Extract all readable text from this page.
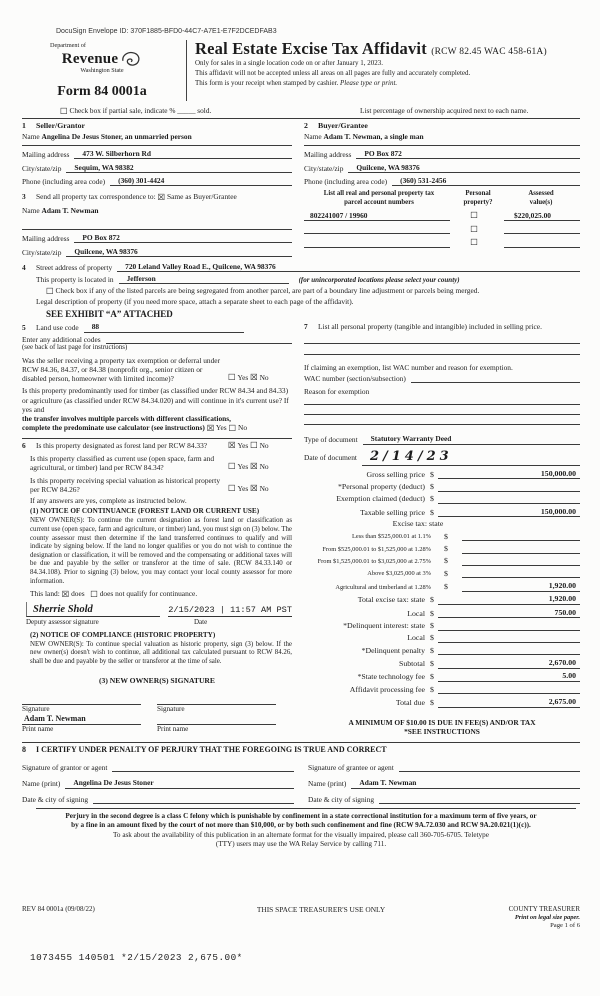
DocuSign Envelope ID: 370F1885-BFD0-44C7-A7E1-E7F2DCEDFAB3
Department of
Revenue
Washington State
Form 84 0001a
Real Estate Excise Tax Affidavit (RCW 82.45 WAC 458-61A)
Only for sales in a single location code on or after January 1, 2023.
This affidavit will not be accepted unless all areas on all pages are fully and accurately completed.
This form is your receipt when stamped by cashier. Please type or print.
☐ Check box if partial sale, indicate % _____ sold.	List percentage of ownership acquired next to each name.
1 Seller/Grantor
Name Angelina De Jesus Stoner, an unmarried person
Mailing address	473 W. Silberhorn Rd
City/state/zip	Sequim, WA 98382
Phone (including area code)	(360) 301-4424
3 Send all property tax correspondence to: ☒ Same as Buyer/Grantee
Name Adam T. Newman
Mailing address	PO Box 872
City/state/zip	Quilcene, WA 98376
2 Buyer/Grantee
Name Adam T. Newman, a single man
Mailing address	PO Box 872
City/state/zip	Quilcene, WA 98376
Phone (including area code)	(360) 531-2456
List all real and personal property tax
parcel account numbers
Personal
property?
Assessed
value(s)
802241007 / 19960	☐	$220,025.00
☐
☐
4 Street address of property	720 Leland Valley Road E., Quilcene, WA 98376
This property is located in	Jefferson	(for unincorporated locations please select your county)
☐ Check box if any of the listed parcels are being segregated from another parcel, are part of a boundary line adjustment or parcels being merged.
Legal description of property (if you need more space, attach a separate sheet to each page of the affidavit).
SEE EXHIBIT “A” ATTACHED
5 Land use code	88
Enter any additional codes
(see back of last page for instructions)
Was the seller receiving a property tax exemption or deferral under RCW 84.36, 84.37, or 84.38 (nonprofit org., senior citizen or disabled person, homeowner with limited income)?	☐
Yes
☒
No
Is this property predominantly used for timber (as classified under RCW 84.34 and 84.33) or agriculture (as classified under RCW 84.34.020) and will continue in it's current use? If yes and
the transfer involves multiple parcels with different classifications,
complete the predominate use calculator (see instructions) ☒ Yes ☐ No
6 Is this property designated as forest land per RCW 84.33?	☒
Yes
☐
No
Is this property classified as current use (open space, farm and agricultural, or timber) land per RCW 84.34?	☐
Yes
☒
No
Is this property receiving special valuation as historical property per RCW 84.26?	☐
Yes
☒
No
If any answers are yes, complete as instructed below.
(1) NOTICE OF CONTINUANCE (FOREST LAND OR CURRENT USE)
NEW OWNER(S): To continue the current designation as forest land or classification as current use (open space, farm and agriculture, or timber) land, you must sign on (3) below. The county assessor must then determine if the land transferred continues to qualify and will indicate by signing below. If the land no longer qualifies or you do not wish to continue the designation or classification, it will be removed and the compensating or additional taxes will be due and payable by the seller or transferor at the time of sale. (RCW 84.33.140 or 84.34.108). Prior to signing (3) below, you may contact your local county assessor for more information.
This land: ☒ does ☐ does not qualify for continuance.
Sherrie Shold	2/15/2023 | 11:57 AM PST
Deputy assessor signature	Date
(2) NOTICE OF COMPLIANCE (HISTORIC PROPERTY)
NEW OWNER(S): To continue special valuation as historic property, sign (3) below. If the new owner(s) doesn't wish to continue, all additional tax calculated pursuant to RCW 84.26, shall be due and payable by the seller or transferor at the time of sale.
(3) NEW OWNER(S) SIGNATURE
Signature
Adam T. Newman
Print name
Signature
Print name
7	List all personal property (tangible and intangible) included in selling price.
If claiming an exemption, list WAC number and reason for exemption.
WAC number (section/subsection)
Reason for exemption
Type of document	Statutory Warranty Deed
Date of document	2/14/23
Gross selling price $	150,000.00
*Personal property (deduct) $
Exemption claimed (deduct) $
Taxable selling price $	150,000.00
Excise tax: state
Less than $525,000.01 at 1.1%	$
From $525,000.01 to $1,525,000 at 1.28%	$
From $1,525,000.01 to $3,025,000 at 2.75%	$
Above $3,025,000 at 3%	$
Agricultural and timberland at 1.28%	$	1,920.00
Total excise tax: state $	1,920.00
Local $	750.00
*Delinquent interest: state $
Local $
*Delinquent penalty $
Subtotal $	2,670.00
*State technology fee $	5.00
Affidavit processing fee $
Total due $	2,675.00
A MINIMUM OF $10.00 IS DUE IN FEE(S) AND/OR TAX
*SEE INSTRUCTIONS
8 I CERTIFY UNDER PENALTY OF PERJURY THAT THE FOREGOING IS TRUE AND CORRECT
Signature of grantor or agent
Name (print)	Angelina De Jesus Stoner
Date & city of signing
Signature of grantee or agent
Name (print)	Adam T. Newman
Date & city of signing
Perjury in the second degree is a class C felony which is punishable by confinement in a state correctional institution for a maximum term of five years, or
by a fine in an amount fixed by the court of not more than $10,000, or by both such confinement and fine (RCW 9A.72.030 and RCW 9A.20.021(1)(c)).
To ask about the availability of this publication in an alternate format for the visually impaired, please call 360-705-6705. Teletype
(TTY) users may use the WA Relay Service by calling 711.
REV 84 0001a (09/08/22)	THIS SPACE TREASURER'S USE ONLY	COUNTY TREASURER
Print on legal size paper.
Page 1 of 6
1073455 140501 *2/15/2023 2,675.00*
